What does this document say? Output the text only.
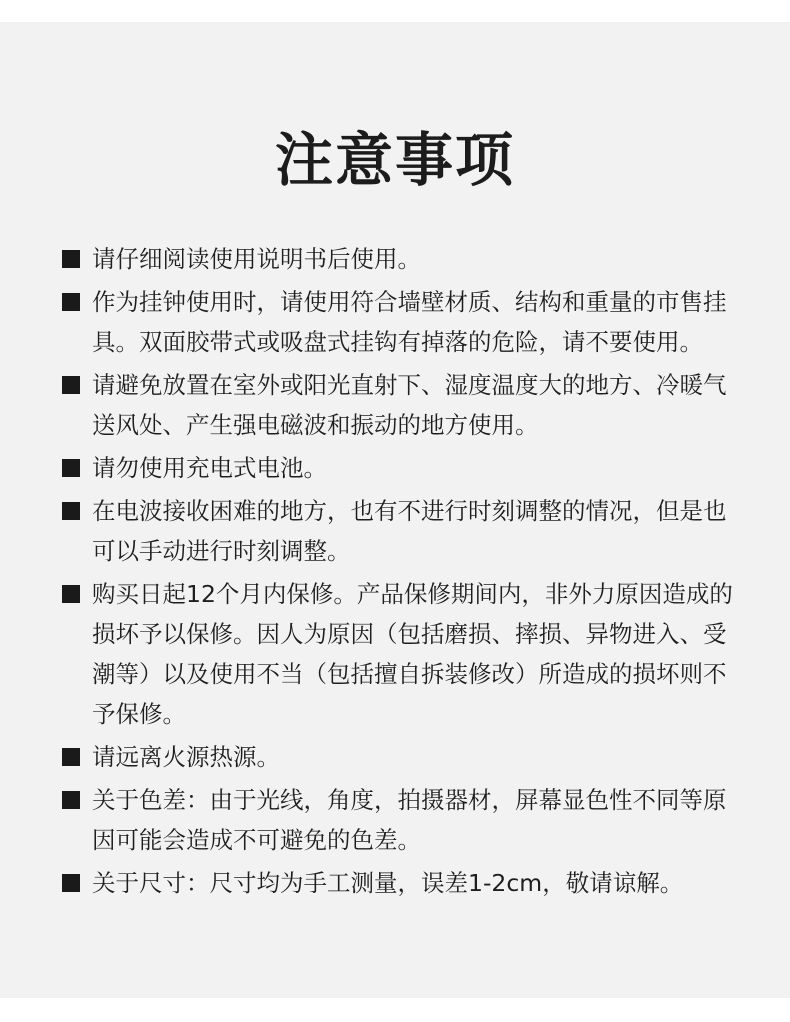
注意事项
请仔细阅读使用说明书后使用。
作为挂钟使用时，请使用符合墙壁材质、结构和重量的市售挂具。双面胶带式或吸盘式挂钩有掉落的危险，请不要使用。
请避免放置在室外或阳光直射下、湿度温度大的地方、冷暖气送风处、产生强电磁波和振动的地方使用。
请勿使用充电式电池。
在电波接收困难的地方，也有不进行时刻调整的情况，但是也可以手动进行时刻调整。
购买日起12个月内保修。产品保修期间内，非外力原因造成的损坏予以保修。因人为原因（包括磨损、摔损、异物进入、受潮等）以及使用不当（包括擅自拆装修改）所造成的损坏则不予保修。
请远离火源热源。
关于色差：由于光线，角度，拍摄器材，屏幕显色性不同等原因可能会造成不可避免的色差。
关于尺寸：尺寸均为手工测量，误差1-2cm，敬请谅解。
